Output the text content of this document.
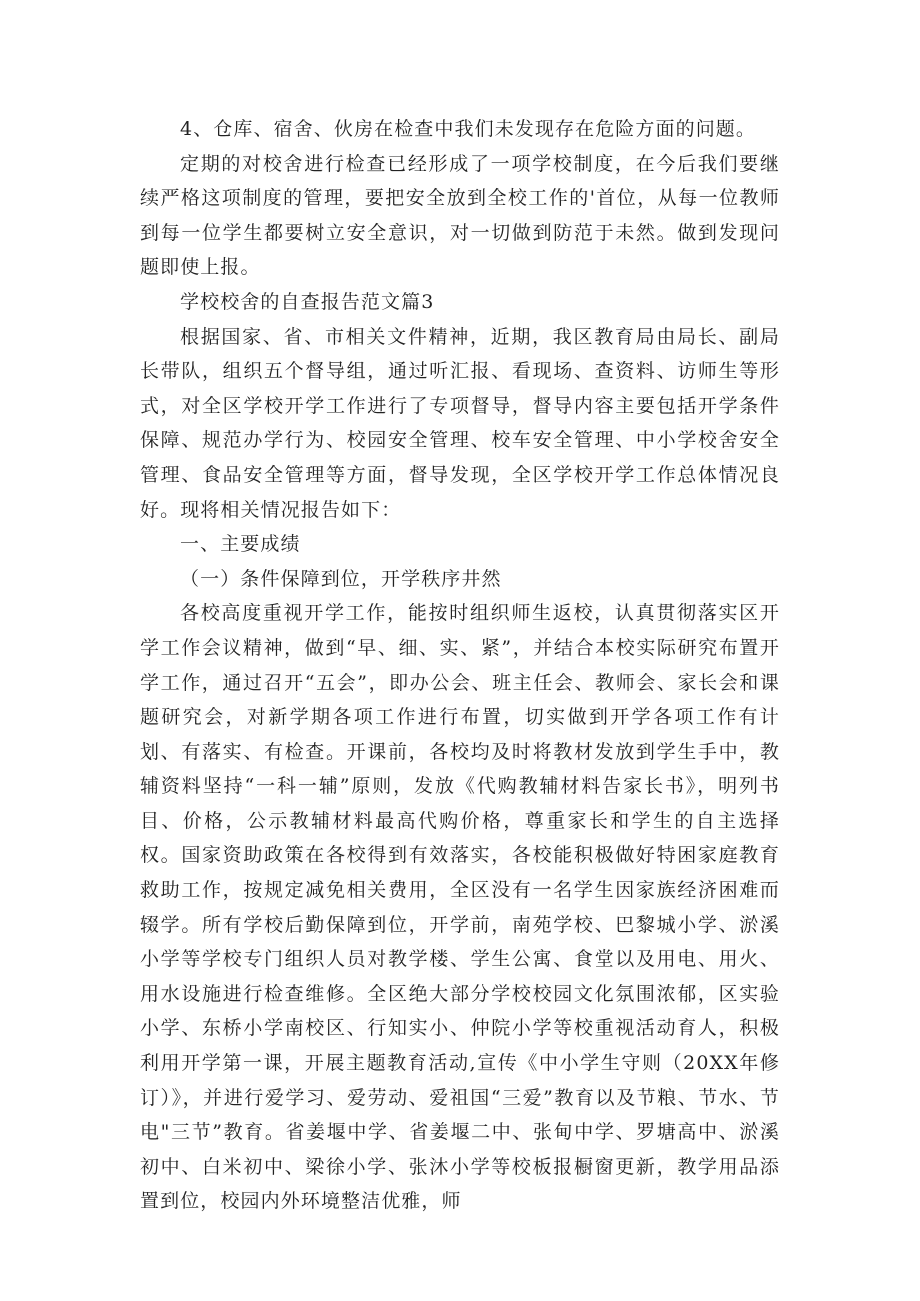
4、仓库、宿舍、伙房在检查中我们未发现存在危险方面的问题。

定期的对校舍进行检查已经形成了一项学校制度，在今后我们要继续严格这项制度的管理，要把安全放到全校工作的'首位，从每一位教师到每一位学生都要树立安全意识，对一切做到防范于未然。做到发现问题即使上报。

学校校舍的自查报告范文篇3

根据国家、省、市相关文件精神，近期，我区教育局由局长、副局长带队，组织五个督导组，通过听汇报、看现场、查资料、访师生等形式，对全区学校开学工作进行了专项督导，督导内容主要包括开学条件保障、规范办学行为、校园安全管理、校车安全管理、中小学校舍安全管理、食品安全管理等方面，督导发现，全区学校开学工作总体情况良好。现将相关情况报告如下：

一、主要成绩

（一）条件保障到位，开学秩序井然

各校高度重视开学工作，能按时组织师生返校，认真贯彻落实区开学工作会议精神，做到“早、细、实、紧”，并结合本校实际研究布置开学工作，通过召开“五会”，即办公会、班主任会、教师会、家长会和课题研究会，对新学期各项工作进行布置，切实做到开学各项工作有计划、有落实、有检查。开课前，各校均及时将教材发放到学生手中，教辅资料坚持“一科一辅”原则，发放《代购教辅材料告家长书》，明列书目、价格，公示教辅材料最高代购价格，尊重家长和学生的自主选择权。国家资助政策在各校得到有效落实，各校能积极做好特困家庭教育救助工作，按规定减免相关费用，全区没有一名学生因家族经济困难而辍学。所有学校后勤保障到位，开学前，南苑学校、巴黎城小学、淤溪小学等学校专门组织人员对教学楼、学生公寓、食堂以及用电、用火、用水设施进行检查维修。全区绝大部分学校校园文化氛围浓郁，区实验小学、东桥小学南校区、行知实小、仲院小学等校重视活动育人，积极利用开学第一课，开展主题教育活动,宣传《中小学生守则（20XX年修订）》，并进行爱学习、爱劳动、爱祖国“三爱”教育以及节粮、节水、节电"三节”教育。省姜堰中学、省姜堰二中、张甸中学、罗塘高中、淤溪初中、白米初中、梁徐小学、张沐小学等校板报橱窗更新，教学用品添置到位，校园内外环境整洁优雅，师
